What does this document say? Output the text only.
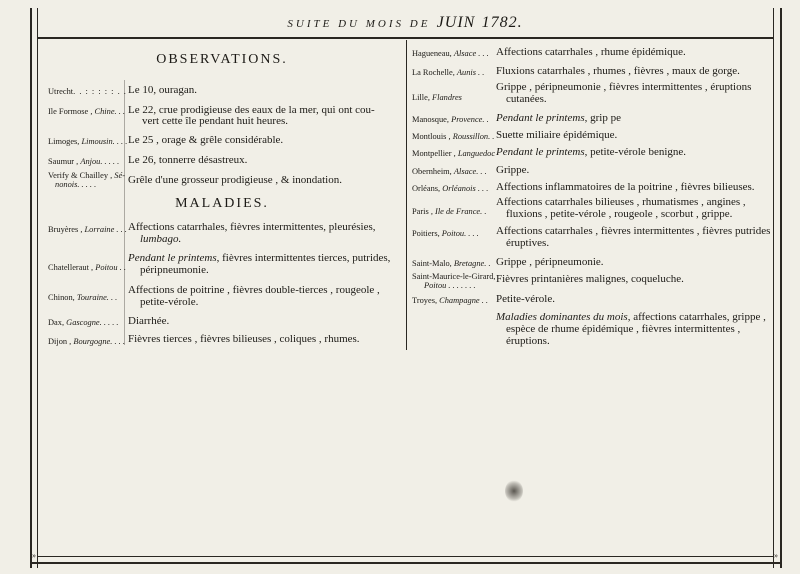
SUITE DU MOIS DE JUIN 1782.
OBSERVATIONS.
Utrecht. . : : : : : . . Le 10, ouragan.
Ile Formose , Chine. . . Le 22, crue prodigieuse des eaux de la mer, qui ont cou-
vert cette île pendant huit heures.
Limoges, Limousin. . . . Le 25 , orage & grêle considérable.
Saumur , Anjou. . . . . Le 26, tonnerre désastreux.
Verify & Chailley , Sé-
nonois. . . . .	Grêle d'une grosseur prodigieuse , & inondation.
MALADIES.
Bruyères , Lorraine . . . Affections catarrhales, fièvres intermittentes, pleurésies,
lumbago.
Chatelleraut , Poitou . .
Pendant le printems, fièvres intermittentes tierces, putrides,
péripneumonie.
Chinon, Touraine. . .
Affections de poitrine , fièvres double-tierces , rougeole ,
petite-vérole.
Dax, Gascogne. . . . . Diarrhée.
Dijon , Bourgogne. . . . Fièvres tierces , fièvres bilieuses , coliques , rhumes.
Hagueneau, Alsace . . . Affections catarrhales , rhume épidémique.
La Rochelle, Aunis . . Fluxions catarrhales , rhumes , fièvres , maux de gorge.
Lille, Flandres
Grippe , péripneumonie , fièvres intermittentes , éruptions
cutanées.
Manosque, Provence. . Pendant le printems, grip pe
Montlouis , Roussillon. . Suette miliaire épidémique.
Montpellier , Languedoc Pendant le printems, petite-vérole benigne.
Obernheim, Alsace. . . Grippe.
Orléans, Orléanois . . . Affections inflammatoires de la poitrine , fièvres bilieuses.
Paris , Ile de France. .
Affections catarrhales bilieuses , rhumatismes , angines ,
fluxions , petite-vérole , rougeole , scorbut , grippe.
Poitiers, Poitou. . . . Affections catarrhales , fièvres intermittentes , fièvres putrides
éruptives.
Saint-Malo, Bretagne. . Grippe , péripneumonie.
Saint-Maurice-le-Girard,
Poitou . . . . . . .
Fièvres printanières malignes, coqueluche.
Troyes, Champagne . . Petite-vérole.
Maladies dominantes du mois, affections catarrhales, grippe ,
espèce de rhume épidémique , fièvres intermittentes ,
éruptions.
»	»
